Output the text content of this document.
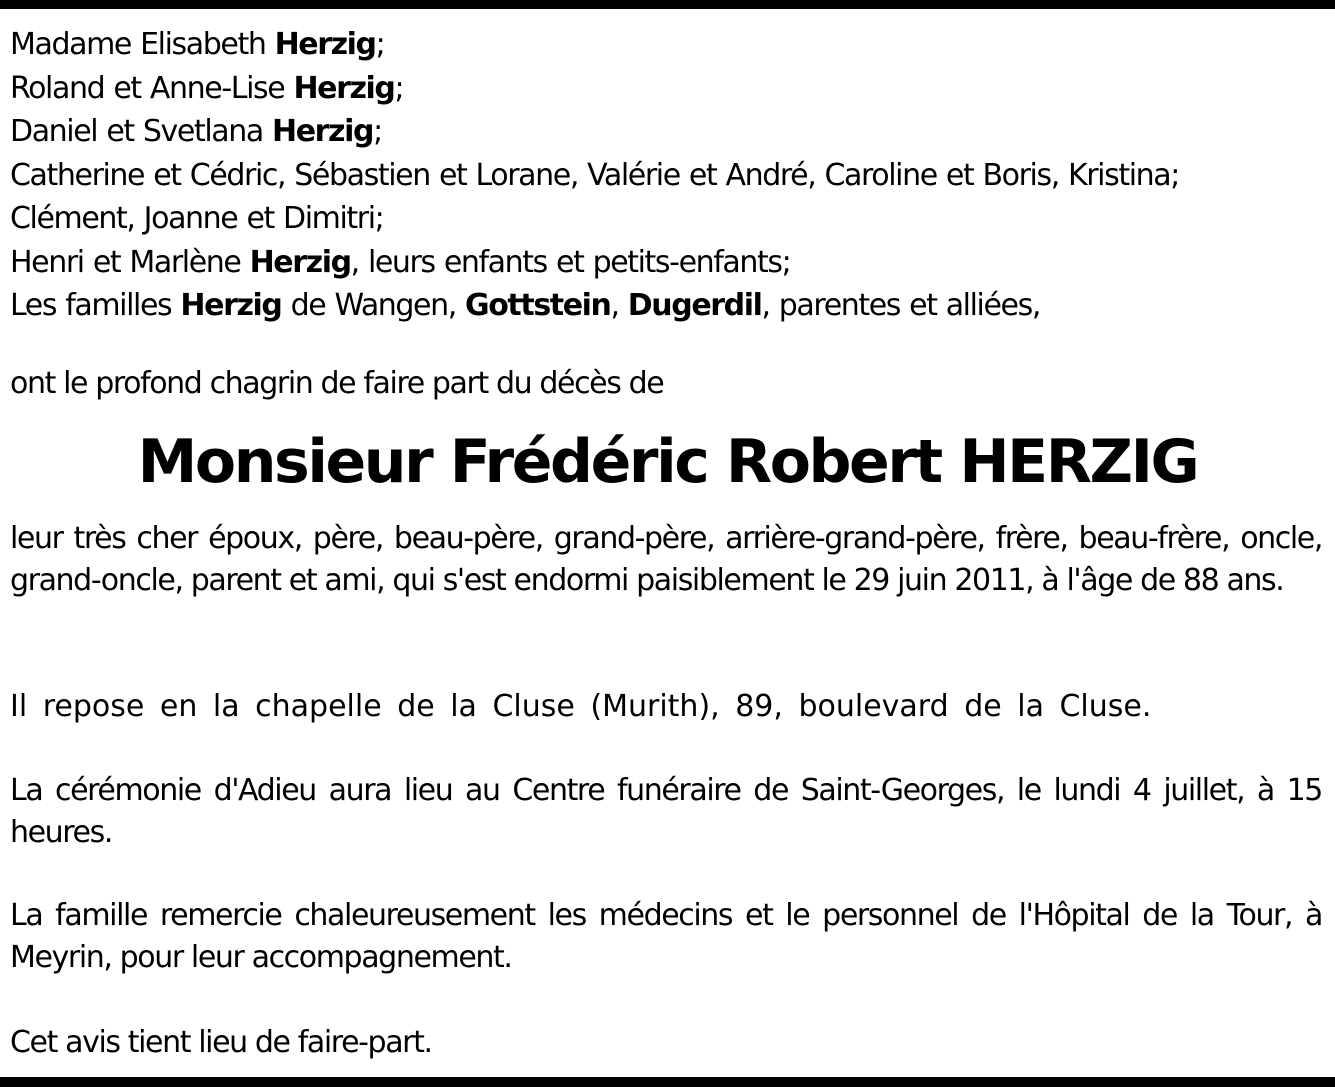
Madame Elisabeth Herzig;
Roland et Anne-Lise Herzig;
Daniel et Svetlana Herzig;
Catherine et Cédric, Sébastien et Lorane, Valérie et André, Caroline et Boris, Kristina;
Clément, Joanne et Dimitri;
Henri et Marlène Herzig, leurs enfants et petits-enfants;
Les familles Herzig de Wangen, Gottstein, Dugerdil, parentes et alliées,
ont le profond chagrin de faire part du décès de
Monsieur Frédéric Robert HERZIG
leur très cher époux, père, beau-père, grand-père, arrière-grand-père, frère, beau-frère, oncle, grand-oncle, parent et ami, qui s'est endormi paisiblement le 29 juin 2011, à l'âge de 88 ans.
Il repose en la chapelle de la Cluse (Murith), 89, boulevard de la Cluse.
La cérémonie d'Adieu aura lieu au Centre funéraire de Saint-Georges, le lundi 4 juillet, à 15 heures.
La famille remercie chaleureusement les médecins et le personnel de l'Hôpital de la Tour, à Meyrin, pour leur accompagnement.
Cet avis tient lieu de faire-part.
